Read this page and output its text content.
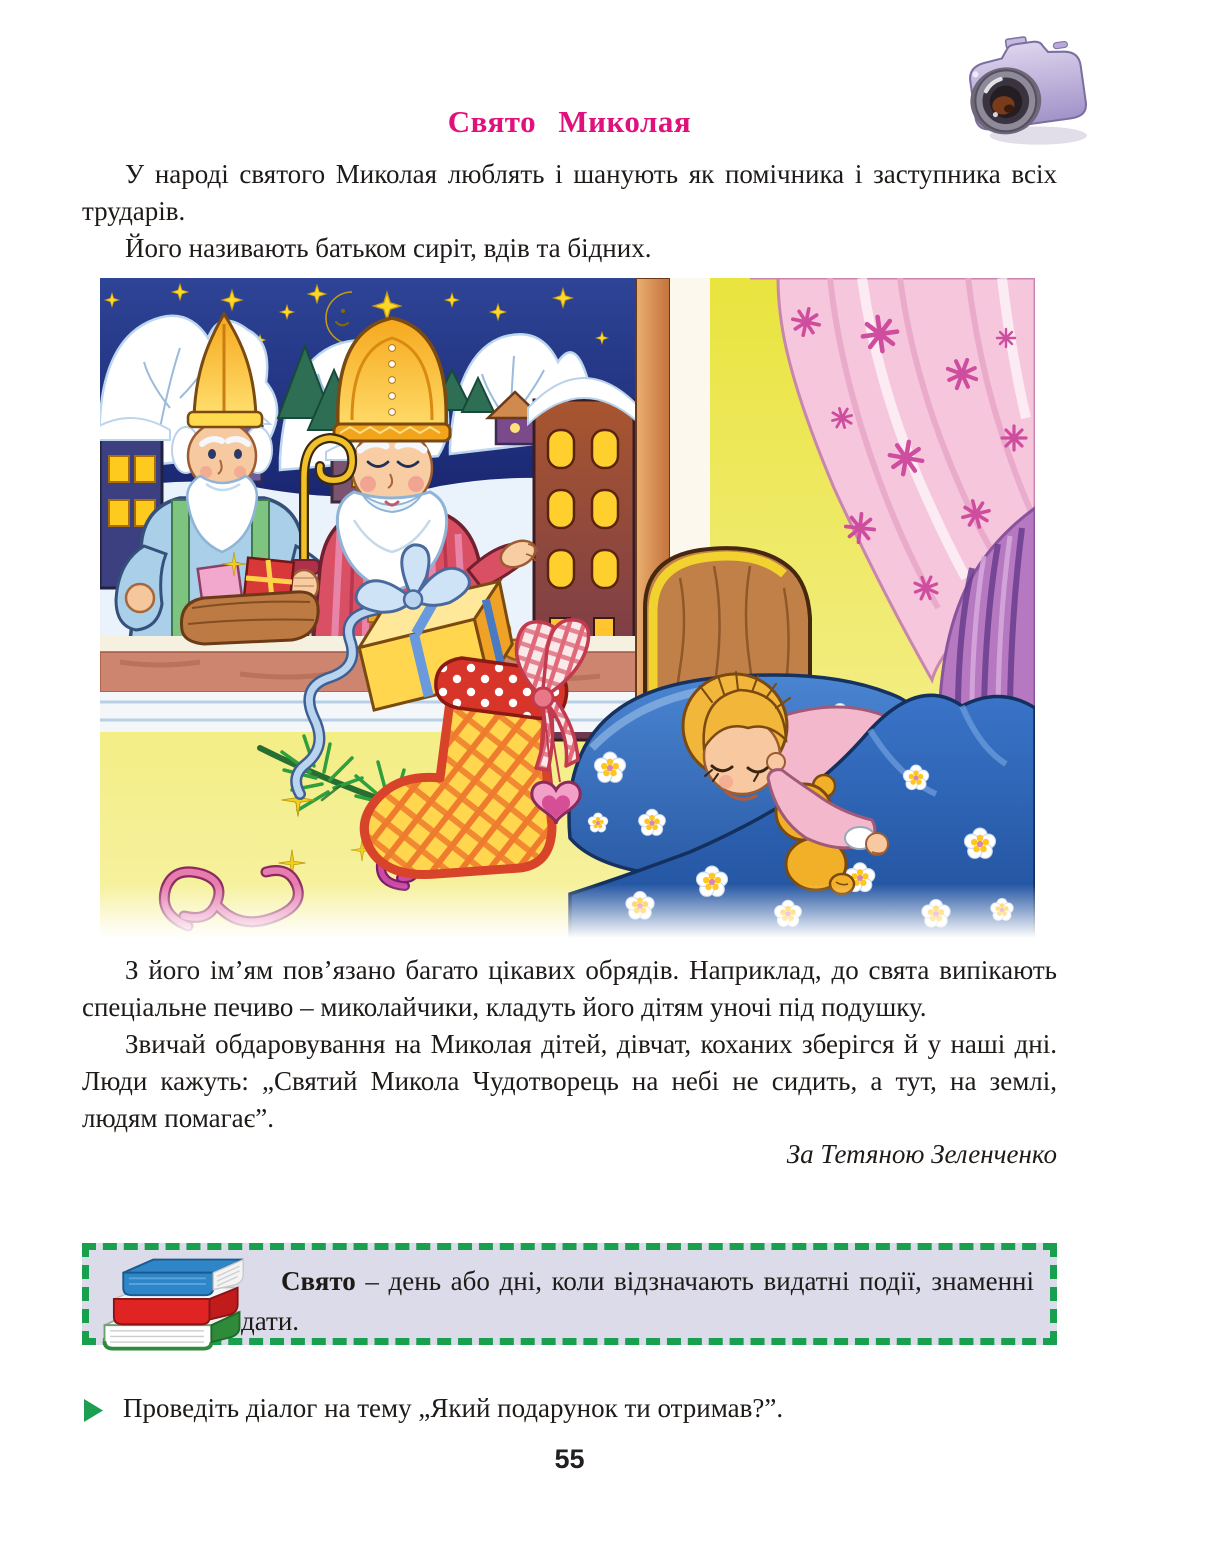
Свято Миколая

У народі святого Миколая люблять і шанують як помічника і заступника всіх трударів.

Його називають батьком сиріт, вдів та бідних.

З його ім’ям пов’язано багато цікавих обрядів. Наприклад, до свята випікають спеціальне печиво – миколайчики, кладуть його дітям уночі під подушку.

Звичай обдаровування на Миколая дітей, дівчат, коханих зберігся й у наші дні. Люди кажуть: „Святий Микола Чудотворець на небі не сидить, а тут, на землі, людям помагає”.

За Тетяною Зеленченко
Свято – день або дні, коли відзначають видатні події, знаменні дати.
Проведіть діалог на тему „Який подарунок ти отримав?”.
55
